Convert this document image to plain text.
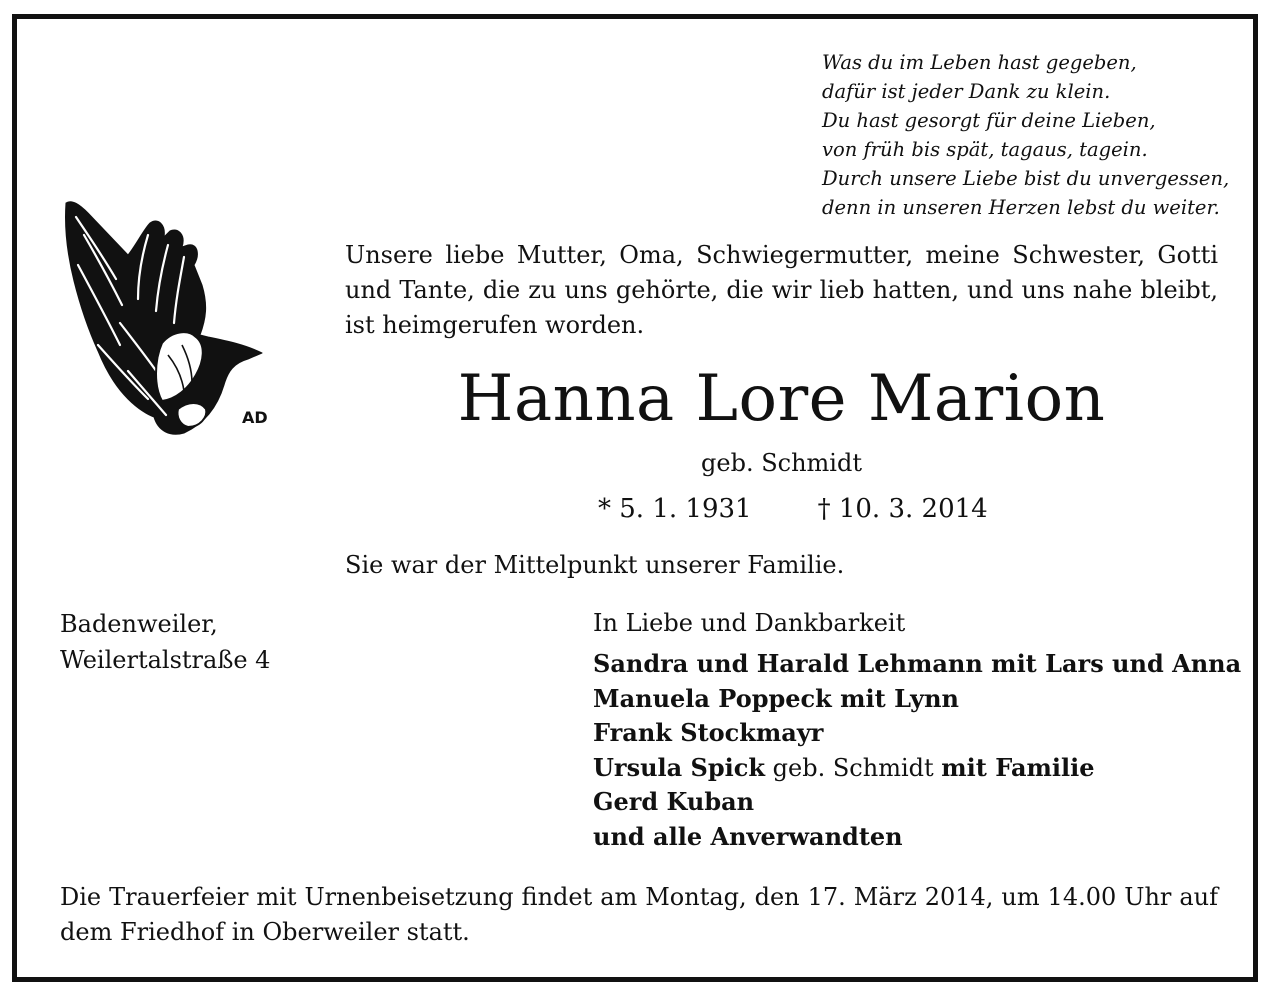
Was du im Leben hast gegeben,
dafür ist jeder Dank zu klein.
Du hast gesorgt für deine Lieben,
von früh bis spät, tagaus, tagein.
Durch unsere Liebe bist du unvergessen,
denn in unseren Herzen lebst du weiter.
AD
Unsere liebe Mutter, Oma, Schwiegermutter, meine Schwester, Gotti und Tante, die zu uns gehörte, die wir lieb hatten, und uns nahe bleibt, ist heimgerufen worden.
Hanna Lore Marion
geb. Schmidt
* 5. 1. 1931	† 10. 3. 2014
Sie war der Mittelpunkt unserer Familie.
Badenweiler,
Weilertalstraße 4
In Liebe und Dankbarkeit
Sandra und Harald Lehmann mit Lars und Anna
Manuela Poppeck mit Lynn
Frank Stockmayr
Ursula Spick geb. Schmidt mit Familie
Gerd Kuban
und alle Anverwandten
Die Trauerfeier mit Urnenbeisetzung findet am Montag, den 17. März 2014, um 14.00 Uhr auf dem Friedhof in Oberweiler statt.
